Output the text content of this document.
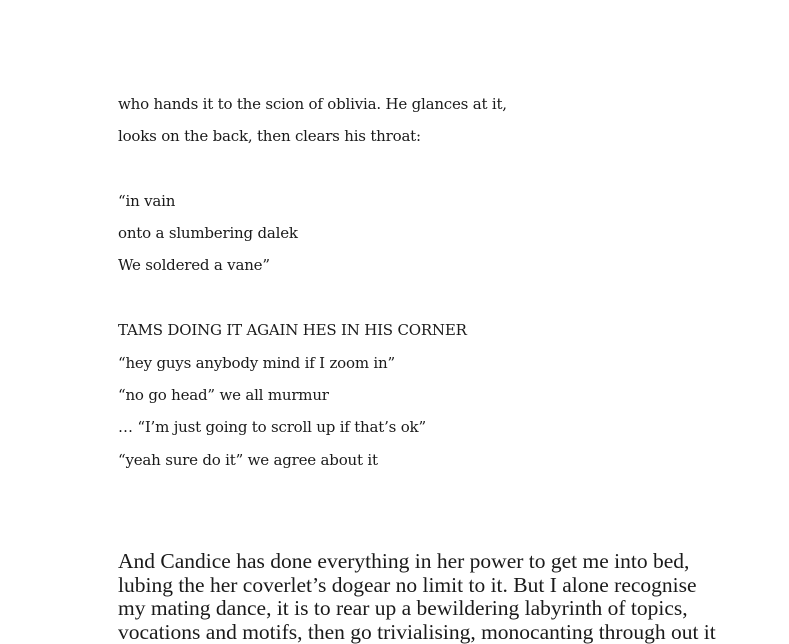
who hands it to the scion of oblivia. He glances at it,
looks on the back, then clears his throat:
“in vain
onto a slumbering dalek
We soldered a vane”
TAMS DOING IT AGAIN HES IN HIS CORNER
“hey guys anybody mind if I zoom in”
“no go head” we all murmur
… “I’m just going to scroll up if that’s ok”
“yeah sure do it” we agree about it
And Candice has done everything in her power to get me into bed,
lubing the her coverlet’s dogear no limit to it. But I alone recognise
my mating dance, it is to rear up a bewildering labyrinth of topics,
vocations and motifs, then go trivialising, monocanting through out it
